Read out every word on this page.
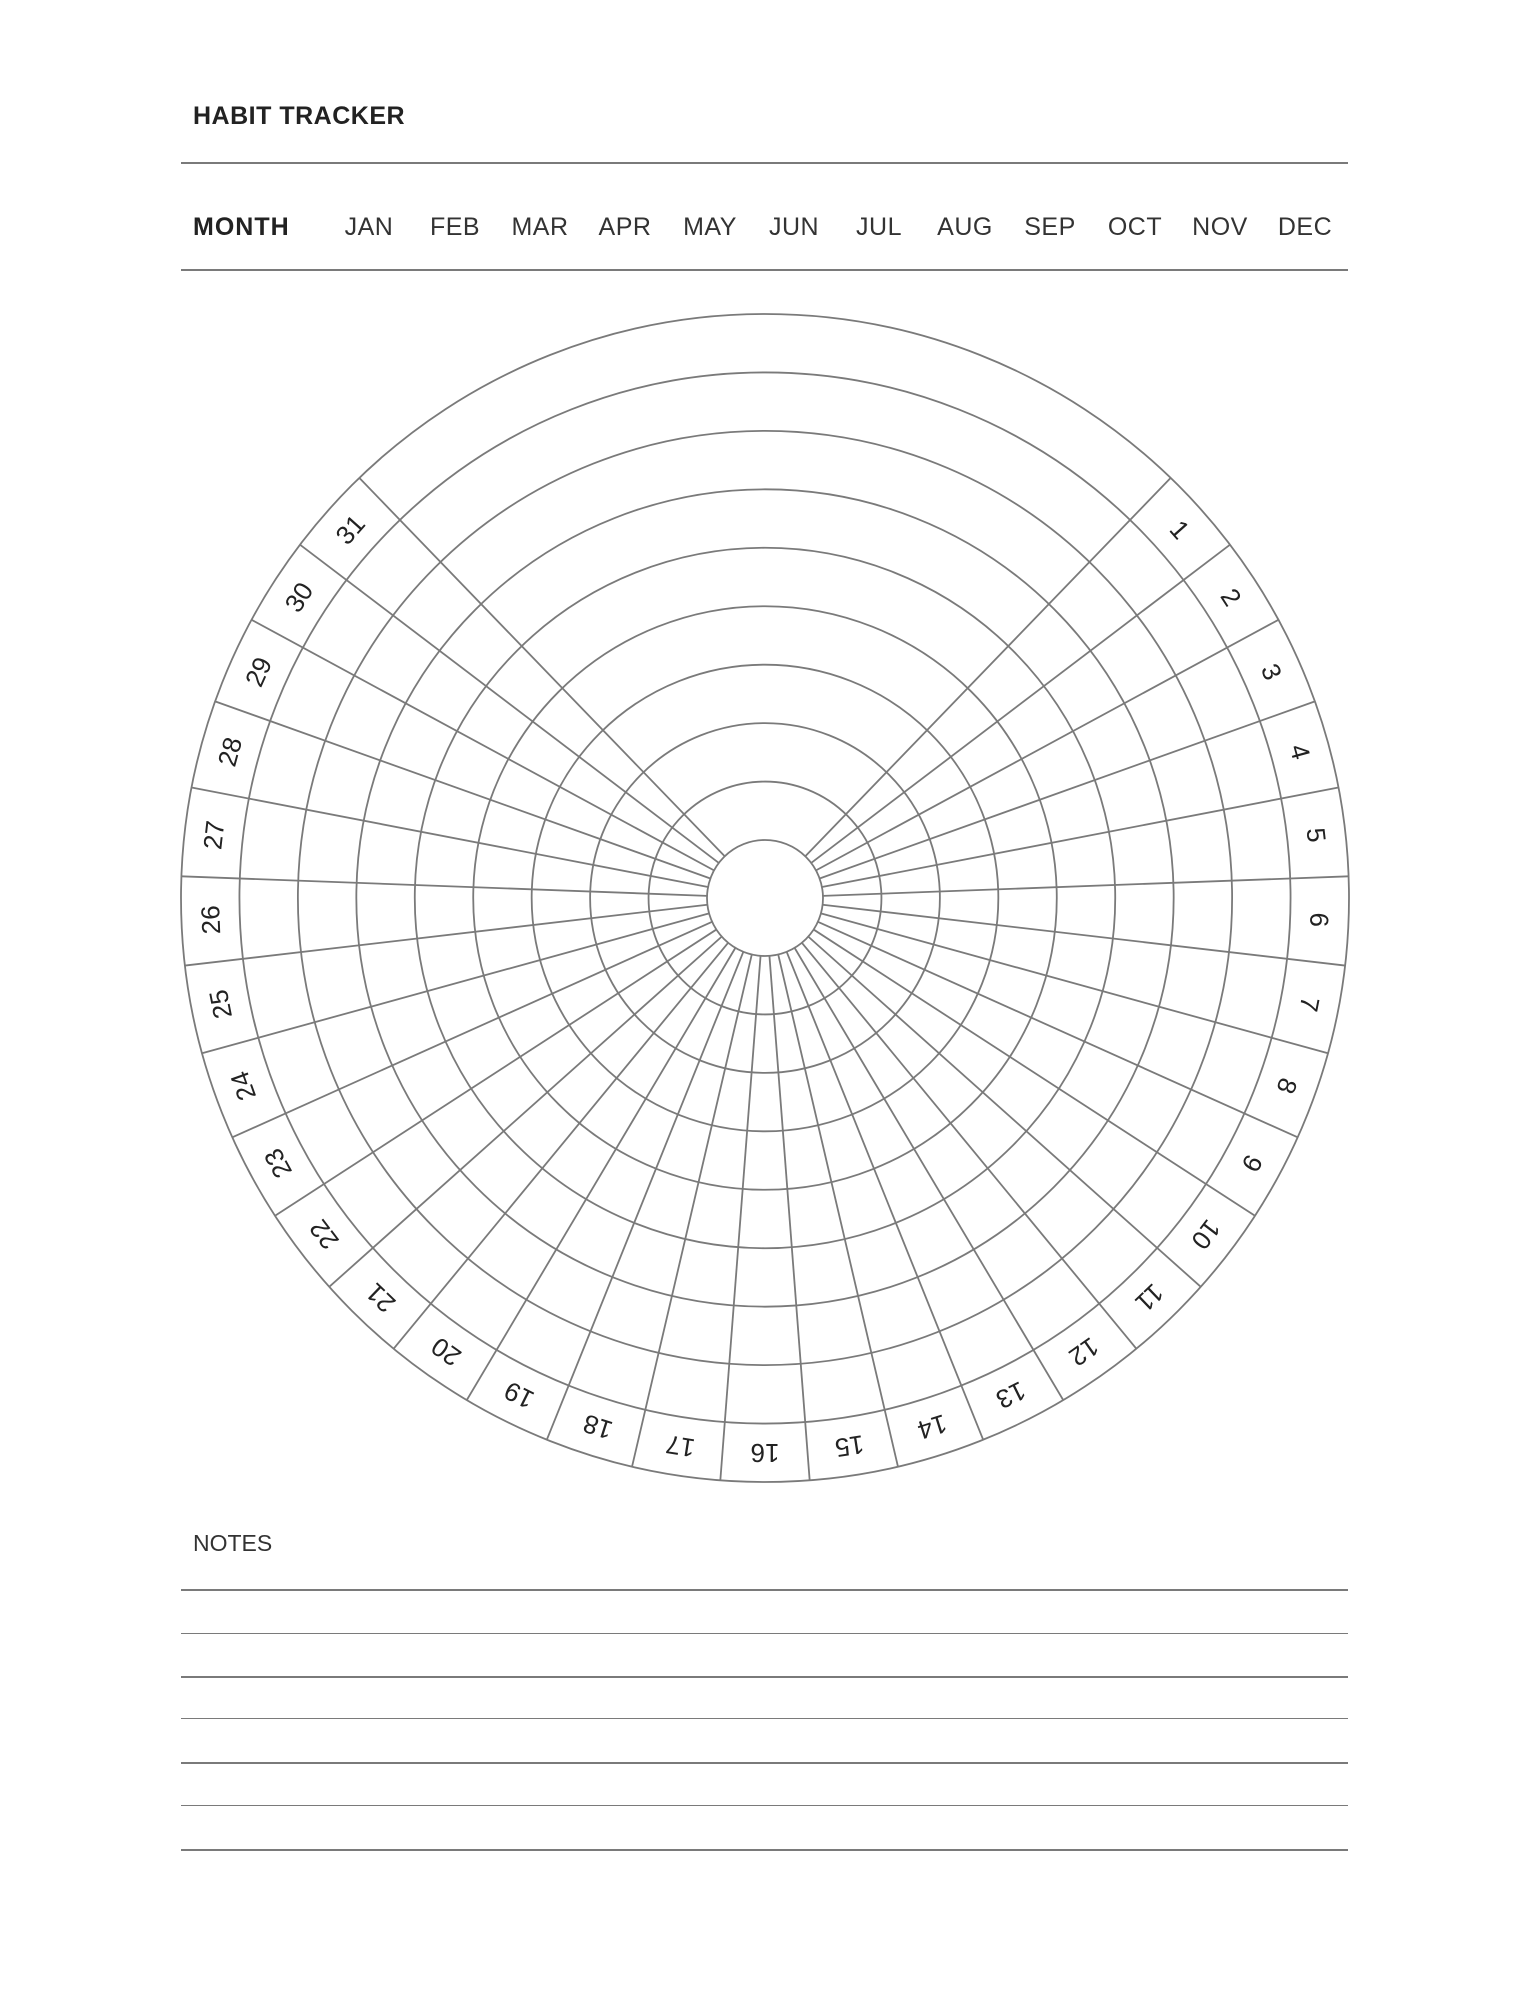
HABIT TRACKER
MONTH JAN FEB MAR APR MAY JUN JUL AUG SEP OCT NOV DEC
1
2
3
4
5
6
7
8
9
10
11
12
13
14
15
16
17
18
19
20
21
22
23
24
25
26
27
28
29
30
31
NOTES
